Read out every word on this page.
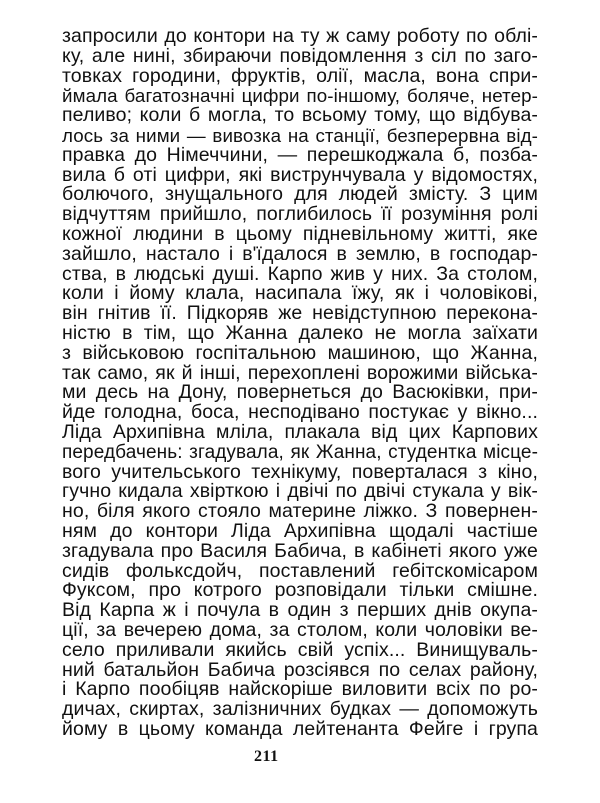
запросили до контори на ту ж саму роботу по облі-
ку, але нині, збираючи повідомлення з сіл по заго-
товках городини, фруктів, олії, масла, вона спри-
ймала багатозначні цифри по-іншому, боляче, нетер-
пеливо; коли б могла, то всьому тому, що відбува-
лось за ними — вивозка на станції, безперервна від-
правка до Німеччини, — перешкоджала б, позба-
вила б оті цифри, які виструнчувала у відомостях,
болючого, знущального для людей змісту. З цим
відчуттям прийшло, поглибилось її розуміння ролі
кожної людини в цьому підневільному житті, яке
зайшло, настало і в'їдалося в землю, в господар-
ства, в людські душі. Карпо жив у них. За столом,
коли і йому клала, насипала їжу, як і чоловікові,
він гнітив її. Підкоряв же невідступною перекона-
ністю в тім, що Жанна далеко не могла заїхати
з військовою госпітальною машиною, що Жанна,
так само, як й інші, перехоплені ворожими війська-
ми десь на Дону, повернеться до Васюківки, при-
йде голодна, боса, несподівано постукає у вікно...
Ліда Архипівна мліла, плакала від цих Карпових
передбачень: згадувала, як Жанна, студентка місце-
вого учительського технікуму, поверталася з кіно,
гучно кидала хвірткою і двічі по двічі стукала у вік-
но, біля якого стояло материне ліжко. З повернен-
ням до контори Ліда Архипівна щодалі частіше
згадувала про Василя Бабича, в кабінеті якого уже
сидів фольксдойч, поставлений гебітскомісаром
Фуксом, про котрого розповідали тільки смішне.
Від Карпа ж і почула в один з перших днів окупа-
ції, за вечерею дома, за столом, коли чоловіки ве-
село приливали якийсь свій успіх... Винищуваль-
ний батальйон Бабича розсіявся по селах району,
і Карпо пообіцяв найскоріше виловити всіх по ро-
дичах, скиртах, залізничних будках — допоможуть
йому в цьому команда лейтенанта Фейге і група
211
